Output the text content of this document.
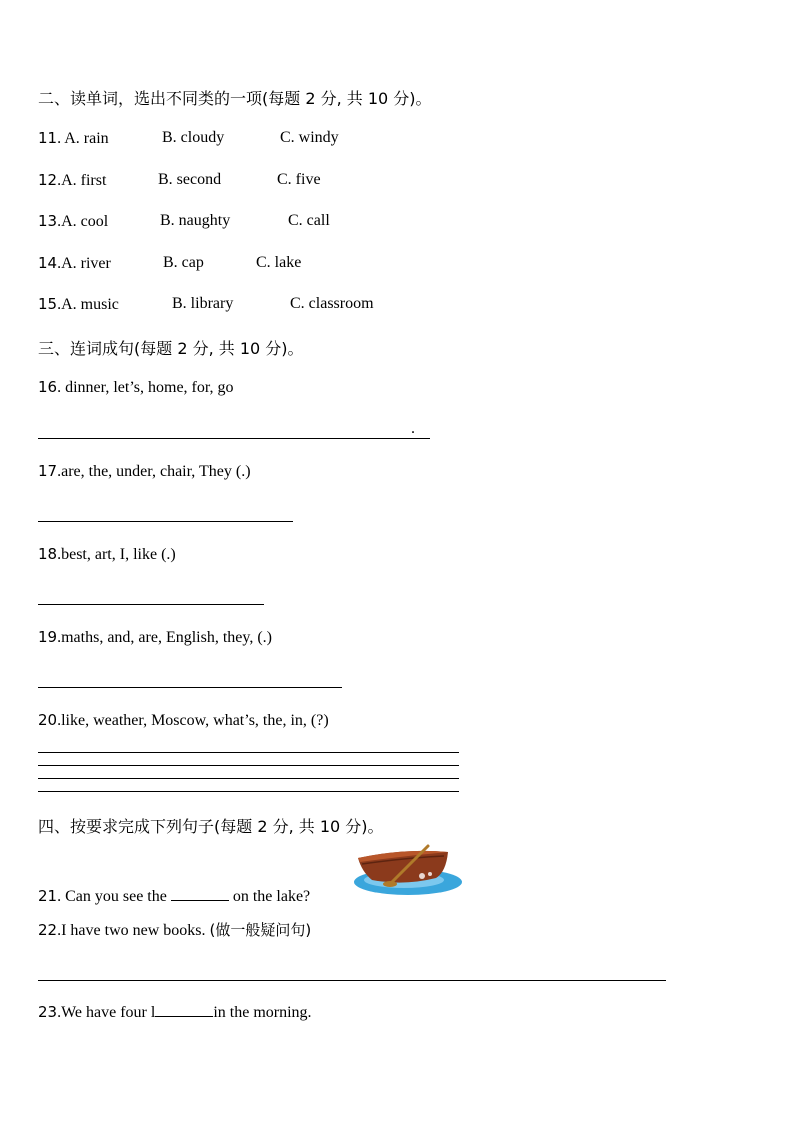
二、读单词，选出不同类的一项(每题 2 分, 共 10 分)。
11. A. rain	B. cloudy	C. windy
12.A. first	B. second	C. five
13.A. cool	B. naughty	C. call
14.A. river	B. cap	C. lake
15.A. music	B. library	C. classroom
三、连词成句(每题 2 分, 共 10 分)。
16. dinner, let’s, home, for, go
.
17.are, the, under, chair, They (.)
18.best, art, I, like (.)
19.maths, and, are, English, they, (.)
20.like, weather, Moscow, what’s, the, in, (?)
四、按要求完成下列句子(每题 2 分, 共 10 分)。
21. Can you see the	on the lake?
22.I have two new books. (做一般疑问句)
23.We have four l	in the morning.
